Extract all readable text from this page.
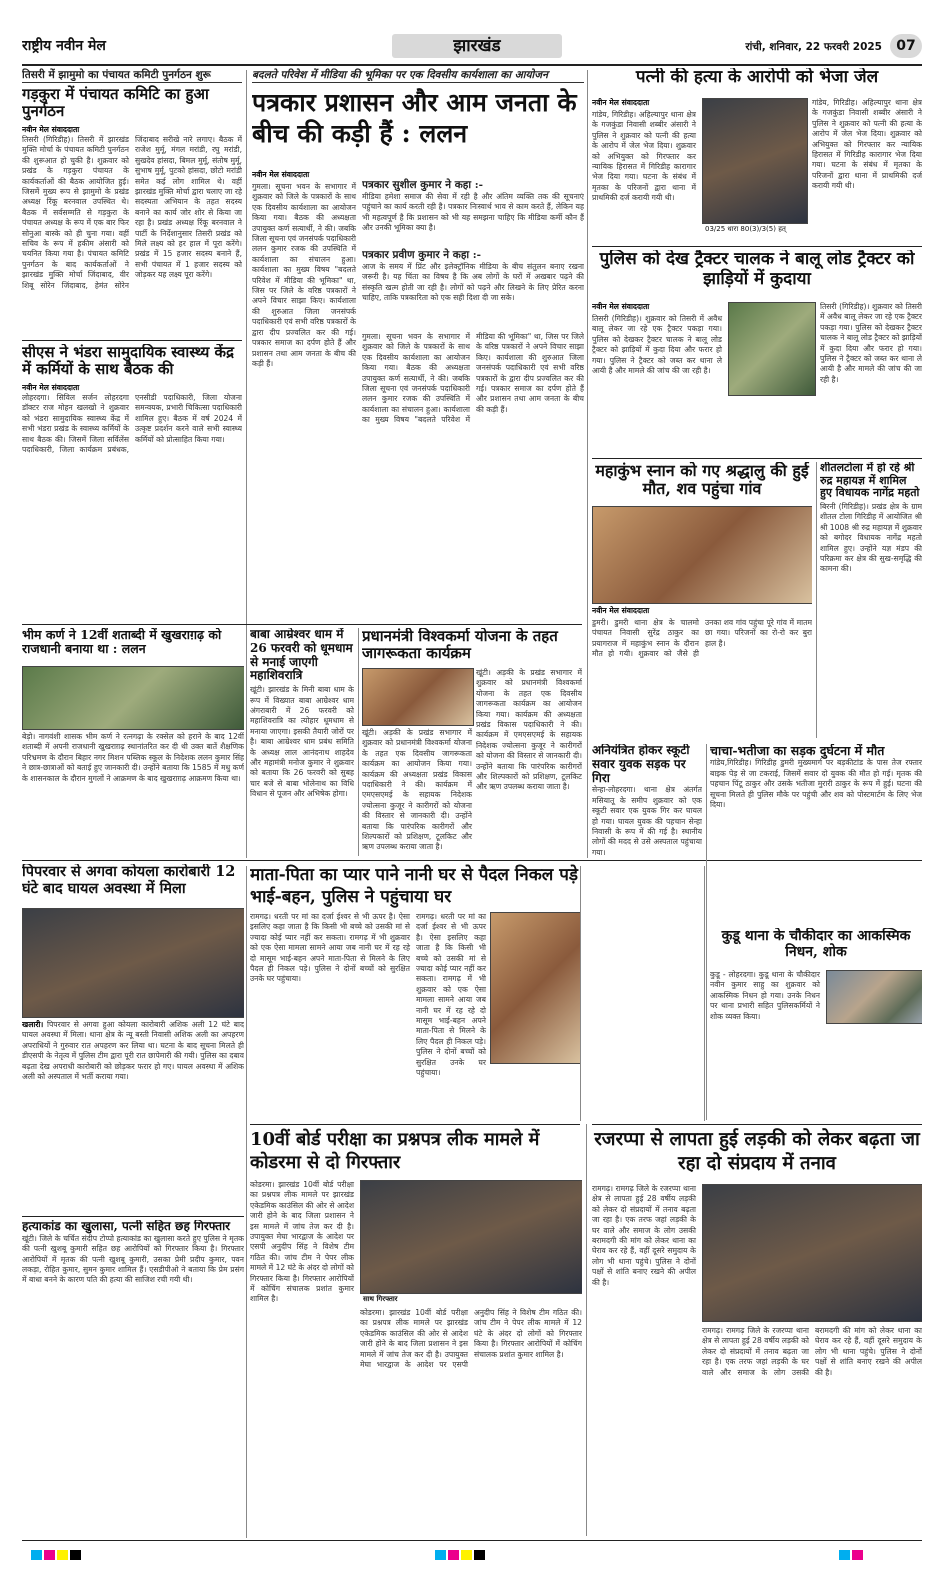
राष्ट्रीय नवीन मेल	झारखंड	रांची, शनिवार, 22 फरवरी 2025	07
तिसरी में झामुमो का पंचायत कमिटी पुनर्गठन शुरू
गड़कुरा में पंचायत कमिटि का हुआ पुनर्गठन
नवीन मेल संवाददाता

तिसरी (गिरिडीह)। तिसरी में झारखंड मुक्ति मोर्चा के पंचायत कमिटी पुनर्गठन की शुरूआत हो चुकी है। शुक्रवार को प्रखंड के गड़कुरा पंचायत के कार्यकर्ताओं की बैठक आयोजित हुई। जिसमें मुख्य रूप से झामुमो के प्रखंड अध्यक्ष रिंकू बरनवाल उपस्थित थे। बैठक में सर्वसम्मति से गड़कुरा के पंचायत अध्यक्ष के रूप में एक बार फिर सोनुआ बास्के को ही चुना गया। वहीं सचिव के रूप में हकीम अंसारी को चयनित किया गया है। पंचायत कमिटि पुनर्गठन के बाद कार्यकर्ताओं ने झारखंड मुक्ति मोर्चा जिंदाबाद, वीर शिबू सोरेन जिंदाबाद, हेमंत सोरेन जिंदाबाद सरीखे नारे लगाए। बैठक में राजेश मुर्मू, मंगल मरांडी, रघु मरांडी, सुखदेव हांसदा, बिमल मुर्मू, संतोष मुर्मू, सुभाष मुर्मू, पुटको हांसदा, छोटो मरांडी समेत कई लोग शामिल थे। वहीं झारखंड मुक्ति मोर्चा द्वारा चलाए जा रहे सदस्यता अभियान के तहत सदस्य बनाने का कार्य जोर शोर से किया जा रहा है। प्रखंड अध्यक्ष रिंकू बरनवाल ने पार्टी के निर्देशानुसार तिसरी प्रखंड को मिले लक्ष्य को हर हाल में पूरा करेंगे। प्रखंड में 15 हजार सदस्य बनाने हैं, सभी पंचायत में 1 हजार सदस्य को जोड़कर यह लक्ष्य पूरा करेंगे।

सीएस ने भंडरा सामुदायिक स्वास्थ्य केंद्र में कर्मियों के साथ बैठक की
नवीन मेल संवाददाता

लोहरदगा। सिविल सर्जन लोहरदगा डॉक्टर राज मोहन खलखो ने शुक्रवार को भंडरा सामुदायिक स्वास्थ्य केंद्र में सभी भंडरा प्रखंड के स्वास्थ्य कर्मियों के साथ बैठक की। जिसमें जिला सर्विलेंस पदाधिकारी, जिला कार्यक्रम प्रबंधक, एनसीडी पदाधिकारी, जिला योजना समन्वयक, प्रभारी चिकित्सा पदाधिकारी शामिल हुए। बैठक में वर्ष 2024 में उत्कृष्ट प्रदर्शन करने वाले सभी स्वास्थ्य कर्मियों को प्रोत्साहित किया गया।

भीम कर्ण ने 12वीं शताब्दी में खुखराग़ढ़ को राजधानी बनाया था : ललन

बेड़ो। नागवंशी शासक भीम कर्ण ने रत्नगढ़ा के रक्सेल को हराने के बाद 12वीं शताब्दी में अपनी राजधानी खुखराग़ढ़ स्थानांतरित कर दी थी उक्त बातें शैक्षणिक परिभ्रमण के दौरान बिहार नगर मिशन पब्लिक स्कूल के निदेशक ललन कुमार सिंह ने छात्र-छात्राओं को बताई हुए जानकारी दी। उन्होंने बताया कि 1585 में मधु कर्ण के शासनकाल के दौरान मुगलों ने आक्रमण के बाद खुखराग़ढ़ आक्रमण किया था।

बदलते परिवेश में मीडिया की भूमिका पर एक दिवसीय कार्यशाला का आयोजन
पत्रकार प्रशासन और आम जनता के बीच की कड़ी हैं : ललन
नवीन मेल संवाददाता

गुमला। सूचना भवन के सभागार में शुक्रवार को जिले के पत्रकारों के साथ एक दिवसीय कार्यशाला का आयोजन किया गया। बैठक की अध्यक्षता उपायुक्त कर्ण सत्यार्थी, ने की। जबकि जिला सूचना एवं जनसंपर्क पदाधिकारी ललन कुमार रजक की उपस्थिति में कार्यशाला का संचालन हुआ। कार्यशाला का मुख्य विषय "बदलते परिवेश में मीडिया की भूमिका" था, जिस पर जिले के वरिष्ठ पत्रकारों ने अपने विचार साझा किए। कार्यशाला की शुरुआत जिला जनसंपर्क पदाधिकारी एवं सभी वरिष्ठ पत्रकारों के द्वारा दीप प्रज्वलित कर की गई। पत्रकार समाज का दर्पण होते हैं और प्रशासन तथा आम जनता के बीच की कड़ी हैं।

पत्रकार सुशील कुमार ने कहा :-

मीडिया हमेशा समाज की सेवा में रही है और अंतिम व्यक्ति तक की सूचनाएं पहुंचाने का कार्य करती रही है। पत्रकार निःस्वार्थ भाव से काम करते हैं, लेकिन यह भी महत्वपूर्ण है कि प्रशासन को भी यह समझना चाहिए कि मीडिया कर्मी कौन हैं और उनकी भूमिका क्या है।

पत्रकार प्रवीण कुमार ने कहा :-

आज के समय में प्रिंट और इलेक्ट्रॉनिक मीडिया के बीच संतुलन बनाए रखना जरूरी है। यह चिंता का विषय है कि अब लोगों के घरों में अखबार पढ़ने की संस्कृति खत्म होती जा रही है। लोगों को पढ़ने और लिखने के लिए प्रेरित करना चाहिए, ताकि पत्रकारिता को एक सही दिशा दी जा सके।

गुमला। सूचना भवन के सभागार में शुक्रवार को जिले के पत्रकारों के साथ एक दिवसीय कार्यशाला का आयोजन किया गया। बैठक की अध्यक्षता उपायुक्त कर्ण सत्यार्थी, ने की। जबकि जिला सूचना एवं जनसंपर्क पदाधिकारी ललन कुमार रजक की उपस्थिति में कार्यशाला का संचालन हुआ। कार्यशाला का मुख्य विषय "बदलते परिवेश में मीडिया की भूमिका" था, जिस पर जिले के वरिष्ठ पत्रकारों ने अपने विचार साझा किए। कार्यशाला की शुरुआत जिला जनसंपर्क पदाधिकारी एवं सभी वरिष्ठ पत्रकारों के द्वारा दीप प्रज्वलित कर की गई। पत्रकार समाज का दर्पण होते हैं और प्रशासन तथा आम जनता के बीच की कड़ी हैं।

बाबा आम्रेश्वर धाम में 26 फरवरी को धूमधाम से मनाई जाएगी महाशिवरात्रि

खूंटी। झारखंड के मिनी बाबा धाम के रूप में विख्यात बाबा आम्रेश्वर धाम अंगराबारी में 26 फरवरी को महाशिवरात्रि का त्योहार धूमधाम से मनाया जाएगा। इसकी तैयारी जोरों पर है। बाबा आम्रेश्वर धाम प्रबंध समिति के अध्यक्ष लाल आनंदनाथ शाहदेव और महामंत्री मनोज कुमार ने शुक्रवार को बताया कि 26 फरवरी को सुबह चार बजे से बाबा भोलेनाथ का विधि विधान से पूजन और अभिषेक होगा।

प्रधानमंत्री विश्वकर्मा योजना के तहत जागरूकता कार्यक्रम

खूंटी। अड़की के प्रखंड सभागार में शुक्रवार को प्रधानमंत्री विश्वकर्मा योजना के तहत एक दिवसीय जागरूकता कार्यक्रम का आयोजन किया गया। कार्यक्रम की अध्यक्षता प्रखंड विकास पदाधिकारी ने की। कार्यक्रम में एमएसएमई के सहायक निदेशक ज्योत्सना कुजूर ने कारीगरों को योजना की विस्तार से जानकारी दी। उन्होंने बताया कि पारंपरिक कारीगरों और शिल्पकारों को प्रशिक्षण, टूलकिट और ऋण उपलब्ध कराया जाता है।

खूंटी। अड़की के प्रखंड सभागार में शुक्रवार को प्रधानमंत्री विश्वकर्मा योजना के तहत एक दिवसीय जागरूकता कार्यक्रम का आयोजन किया गया। कार्यक्रम की अध्यक्षता प्रखंड विकास पदाधिकारी ने की। कार्यक्रम में एमएसएमई के सहायक निदेशक ज्योत्सना कुजूर ने कारीगरों को योजना की विस्तार से जानकारी दी। उन्होंने बताया कि पारंपरिक कारीगरों और शिल्पकारों को प्रशिक्षण, टूलकिट और ऋण उपलब्ध कराया जाता है।

पत्नी की हत्या के आरोपी को भेजा जेल
नवीन मेल संवाददाता

गांडेय, गिरिडीह। अहिल्यापुर थाना क्षेत्र के गजकुंडा निवासी शब्बीर अंसारी ने पुलिस ने शुक्रवार को पत्नी की हत्या के आरोप में जेल भेज दिया। शुक्रवार को अभियुक्त को गिरफ्तार कर न्यायिक हिरासत में गिरिडीह कारागार भेज दिया गया। घटना के संबंध में मृतका के परिजनों द्वारा थाना में प्राथमिकी दर्ज करायी गयी थी।

03/25 धारा 80(3)/3(5) हत्

गांडेय, गिरिडीह। अहिल्यापुर थाना क्षेत्र के गजकुंडा निवासी शब्बीर अंसारी ने पुलिस ने शुक्रवार को पत्नी की हत्या के आरोप में जेल भेज दिया। शुक्रवार को अभियुक्त को गिरफ्तार कर न्यायिक हिरासत में गिरिडीह कारागार भेज दिया गया। घटना के संबंध में मृतका के परिजनों द्वारा थाना में प्राथमिकी दर्ज करायी गयी थी।

पुलिस को देख ट्रैक्टर चालक ने बालू लोड ट्रैक्टर को झाड़ियों में कुदाया
नवीन मेल संवाददाता

तिसरी (गिरिडीह)। शुक्रवार को तिसरी में अवैध बालू लेकर जा रहे एक ट्रैक्टर पकड़ा गया। पुलिस को देखकर ट्रैक्टर चालक ने बालू लोड ट्रैक्टर को झाड़ियों में कुदा दिया और फरार हो गया। पुलिस ने ट्रैक्टर को जब्त कर थाना ले आयी है और मामले की जांच की जा रही है।

तिसरी (गिरिडीह)। शुक्रवार को तिसरी में अवैध बालू लेकर जा रहे एक ट्रैक्टर पकड़ा गया। पुलिस को देखकर ट्रैक्टर चालक ने बालू लोड ट्रैक्टर को झाड़ियों में कुदा दिया और फरार हो गया। पुलिस ने ट्रैक्टर को जब्त कर थाना ले आयी है और मामले की जांच की जा रही है।

महाकुंभ स्नान को गए श्रद्धालु की हुई मौत, शव पहुंचा गांव
नवीन मेल संवाददाता

डुमरी। डुमरी थाना क्षेत्र के चालमो पंचायत निवासी सुरेंद्र ठाकुर का प्रयागराज में महाकुंभ स्नान के दौरान मौत हो गयी। शुक्रवार को जैसे ही उनका शव गांव पहुंचा पूरे गांव में मातम छा गया। परिजनों का रो-रो कर बुरा हाल है।

शीतलटोला में हो रहे श्री रुद्र महायज्ञ में शामिल हुए विधायक नागेंद्र महतो

बिरनी (गिरिडीह)। प्रखंड क्षेत्र के ग्राम शीतल टोला गिरिडीह में आयोजित श्री श्री 1008 श्री रुद्र महायज्ञ में शुक्रवार को बगोदर विधायक नागेंद्र महतो शामिल हुए। उन्होंने यज्ञ मंडप की परिक्रमा कर क्षेत्र की सुख-समृद्धि की कामना की।

अनियंत्रित होकर स्कूटी सवार युवक सड़क पर गिरा

सेन्हा-लोहरदगा। थाना क्षेत्र अंतर्गत मसियातू के समीप शुक्रवार को एक स्कूटी सवार एक युवक गिर कर घायल हो गया। घायल युवक की पहचान सेन्हा निवासी के रूप में की गई है। स्थानीय लोगों की मदद से उसे अस्पताल पहुंचाया गया।

चाचा-भतीजा का सड़क दुर्घटना में मौत

गांडेय,गिरिडीह। गिरिडीह डुमरी मुख्यमार्ग पर बड़कीटांड के पास तेज रफ्तार बाइक पेड़ से जा टकराई, जिसमें सवार दो युवक की मौत हो गई। मृतक की पहचान पिंटू ठाकुर और उसके भतीजा मुरारी ठाकुर के रूप में हुई। घटना की सूचना मिलते ही पुलिस मौके पर पहुंची और शव को पोस्टमार्टम के लिए भेज दिया।

पिपरवार से अगवा कोयला कारोबारी 12 घंटे बाद घायल अवस्था में मिला

खलारी। पिपरवार से अगवा हुआ कोयला कारोबारी अशिक अली 12 घंटे बाद घायल अवस्था में मिला। थाना क्षेत्र के न्यू बस्ती निवासी अशिक अली का अपहरण अपराधियों ने गुरुवार रात अपहरण कर लिया था। घटना के बाद सूचना मिलते ही डीएसपी के नेतृत्व में पुलिस टीम द्वारा पूरी रात छापेमारी की गयी। पुलिस का दबाव बढ़ता देख अपराधी कारोबारी को छोड़कर फरार हो गए। घायल अवस्था में अशिक अली को अस्पताल में भर्ती कराया गया।

हत्याकांड का खुलासा, पत्नी सहित छह गिरफ्तार

खूंटी। जिले के चर्चित संदीप टोप्पो हत्याकांड का खुलासा करते हुए पुलिस ने मृतक की पत्नी खुशबू कुमारी सहित छह आरोपियों को गिरफ्तार किया है। गिरफ्तार आरोपियों में मृतक की पत्नी खुशबू कुमारी, उसका प्रेमी प्रदीप कुमार, पवन लकड़ा, रोहित कुमार, सुमन कुमार शामिल हैं। एसडीपीओ ने बताया कि प्रेम प्रसंग में बाधा बनने के कारण पति की हत्या की साजिश रची गयी थी।

माता-पिता का प्यार पाने नानी घर से पैदल निकल पड़े भाई-बहन, पुलिस ने पहुंचाया घर

रामगढ़। धरती पर मां का दर्जा ईश्वर से भी ऊपर है। ऐसा इसलिए कहा जाता है कि किसी भी बच्चे को उसकी मां से ज्यादा कोई प्यार नहीं कर सकता। रामगढ़ में भी शुक्रवार को एक ऐसा मामला सामने आया जब नानी घर में रह रहे दो मासूम भाई-बहन अपने माता-पिता से मिलने के लिए पैदल ही निकल पड़े। पुलिस ने दोनों बच्चों को सुरक्षित उनके घर पहुंचाया।

रामगढ़। धरती पर मां का दर्जा ईश्वर से भी ऊपर है। ऐसा इसलिए कहा जाता है कि किसी भी बच्चे को उसकी मां से ज्यादा कोई प्यार नहीं कर सकता। रामगढ़ में भी शुक्रवार को एक ऐसा मामला सामने आया जब नानी घर में रह रहे दो मासूम भाई-बहन अपने माता-पिता से मिलने के लिए पैदल ही निकल पड़े। पुलिस ने दोनों बच्चों को सुरक्षित उनके घर पहुंचाया।

10वीं बोर्ड परीक्षा का प्रश्नपत्र लीक मामले में कोडरमा से दो गिरफ्तार

कोडरमा। झारखंड 10वीं बोर्ड परीक्षा का प्रश्नपत्र लीक मामले पर झारखंड एकेडमिक काउंसिल की ओर से आदेश जारी होने के बाद जिला प्रशासन ने इस मामले में जांच तेज कर दी है। उपायुक्त मेघा भारद्वाज के आदेश पर एसपी अनुदीप सिंह ने विशेष टीम गठित की। जांच टीम ने पेपर लीक मामले में 12 घंटे के अंदर दो लोगों को गिरफ्तार किया है। गिरफ्तार आरोपियों में कोचिंग संचालक प्रशांत कुमार शामिल है।	साथ गिरफ्तार

कोडरमा। झारखंड 10वीं बोर्ड परीक्षा का प्रश्नपत्र लीक मामले पर झारखंड एकेडमिक काउंसिल की ओर से आदेश जारी होने के बाद जिला प्रशासन ने इस मामले में जांच तेज कर दी है। उपायुक्त मेघा भारद्वाज के आदेश पर एसपी अनुदीप सिंह ने विशेष टीम गठित की। जांच टीम ने पेपर लीक मामले में 12 घंटे के अंदर दो लोगों को गिरफ्तार किया है। गिरफ्तार आरोपियों में कोचिंग संचालक प्रशांत कुमार शामिल है।

कुडू थाना के चौकीदार का आकस्मिक निधन, शोक

कुडू - लोहरदगा। कुडू थाना के चौकीदार नवीन कुमार साहु का शुक्रवार को आकस्मिक निधन हो गया। उनके निधन पर थाना प्रभारी सहित पुलिसकर्मियों ने शोक व्यक्त किया।

रजरप्पा से लापता हुई लड़की को लेकर बढ़ता जा रहा दो संप्रदाय में तनाव

रामगढ़। रामगढ़ जिले के रजरप्पा थाना क्षेत्र से लापता हुई 28 वर्षीय लड़की को लेकर दो संप्रदायों में तनाव बढ़ता जा रहा है। एक तरफ जहां लड़की के घर वाले और समाज के लोग उसकी बरामदगी की मांग को लेकर थाना का घेराव कर रहे हैं, वहीं दूसरे समुदाय के लोग भी थाना पहुंचे। पुलिस ने दोनों पक्षों से शांति बनाए रखने की अपील की है।

रामगढ़। रामगढ़ जिले के रजरप्पा थाना क्षेत्र से लापता हुई 28 वर्षीय लड़की को लेकर दो संप्रदायों में तनाव बढ़ता जा रहा है। एक तरफ जहां लड़की के घर वाले और समाज के लोग उसकी बरामदगी की मांग को लेकर थाना का घेराव कर रहे हैं, वहीं दूसरे समुदाय के लोग भी थाना पहुंचे। पुलिस ने दोनों पक्षों से शांति बनाए रखने की अपील की है।
